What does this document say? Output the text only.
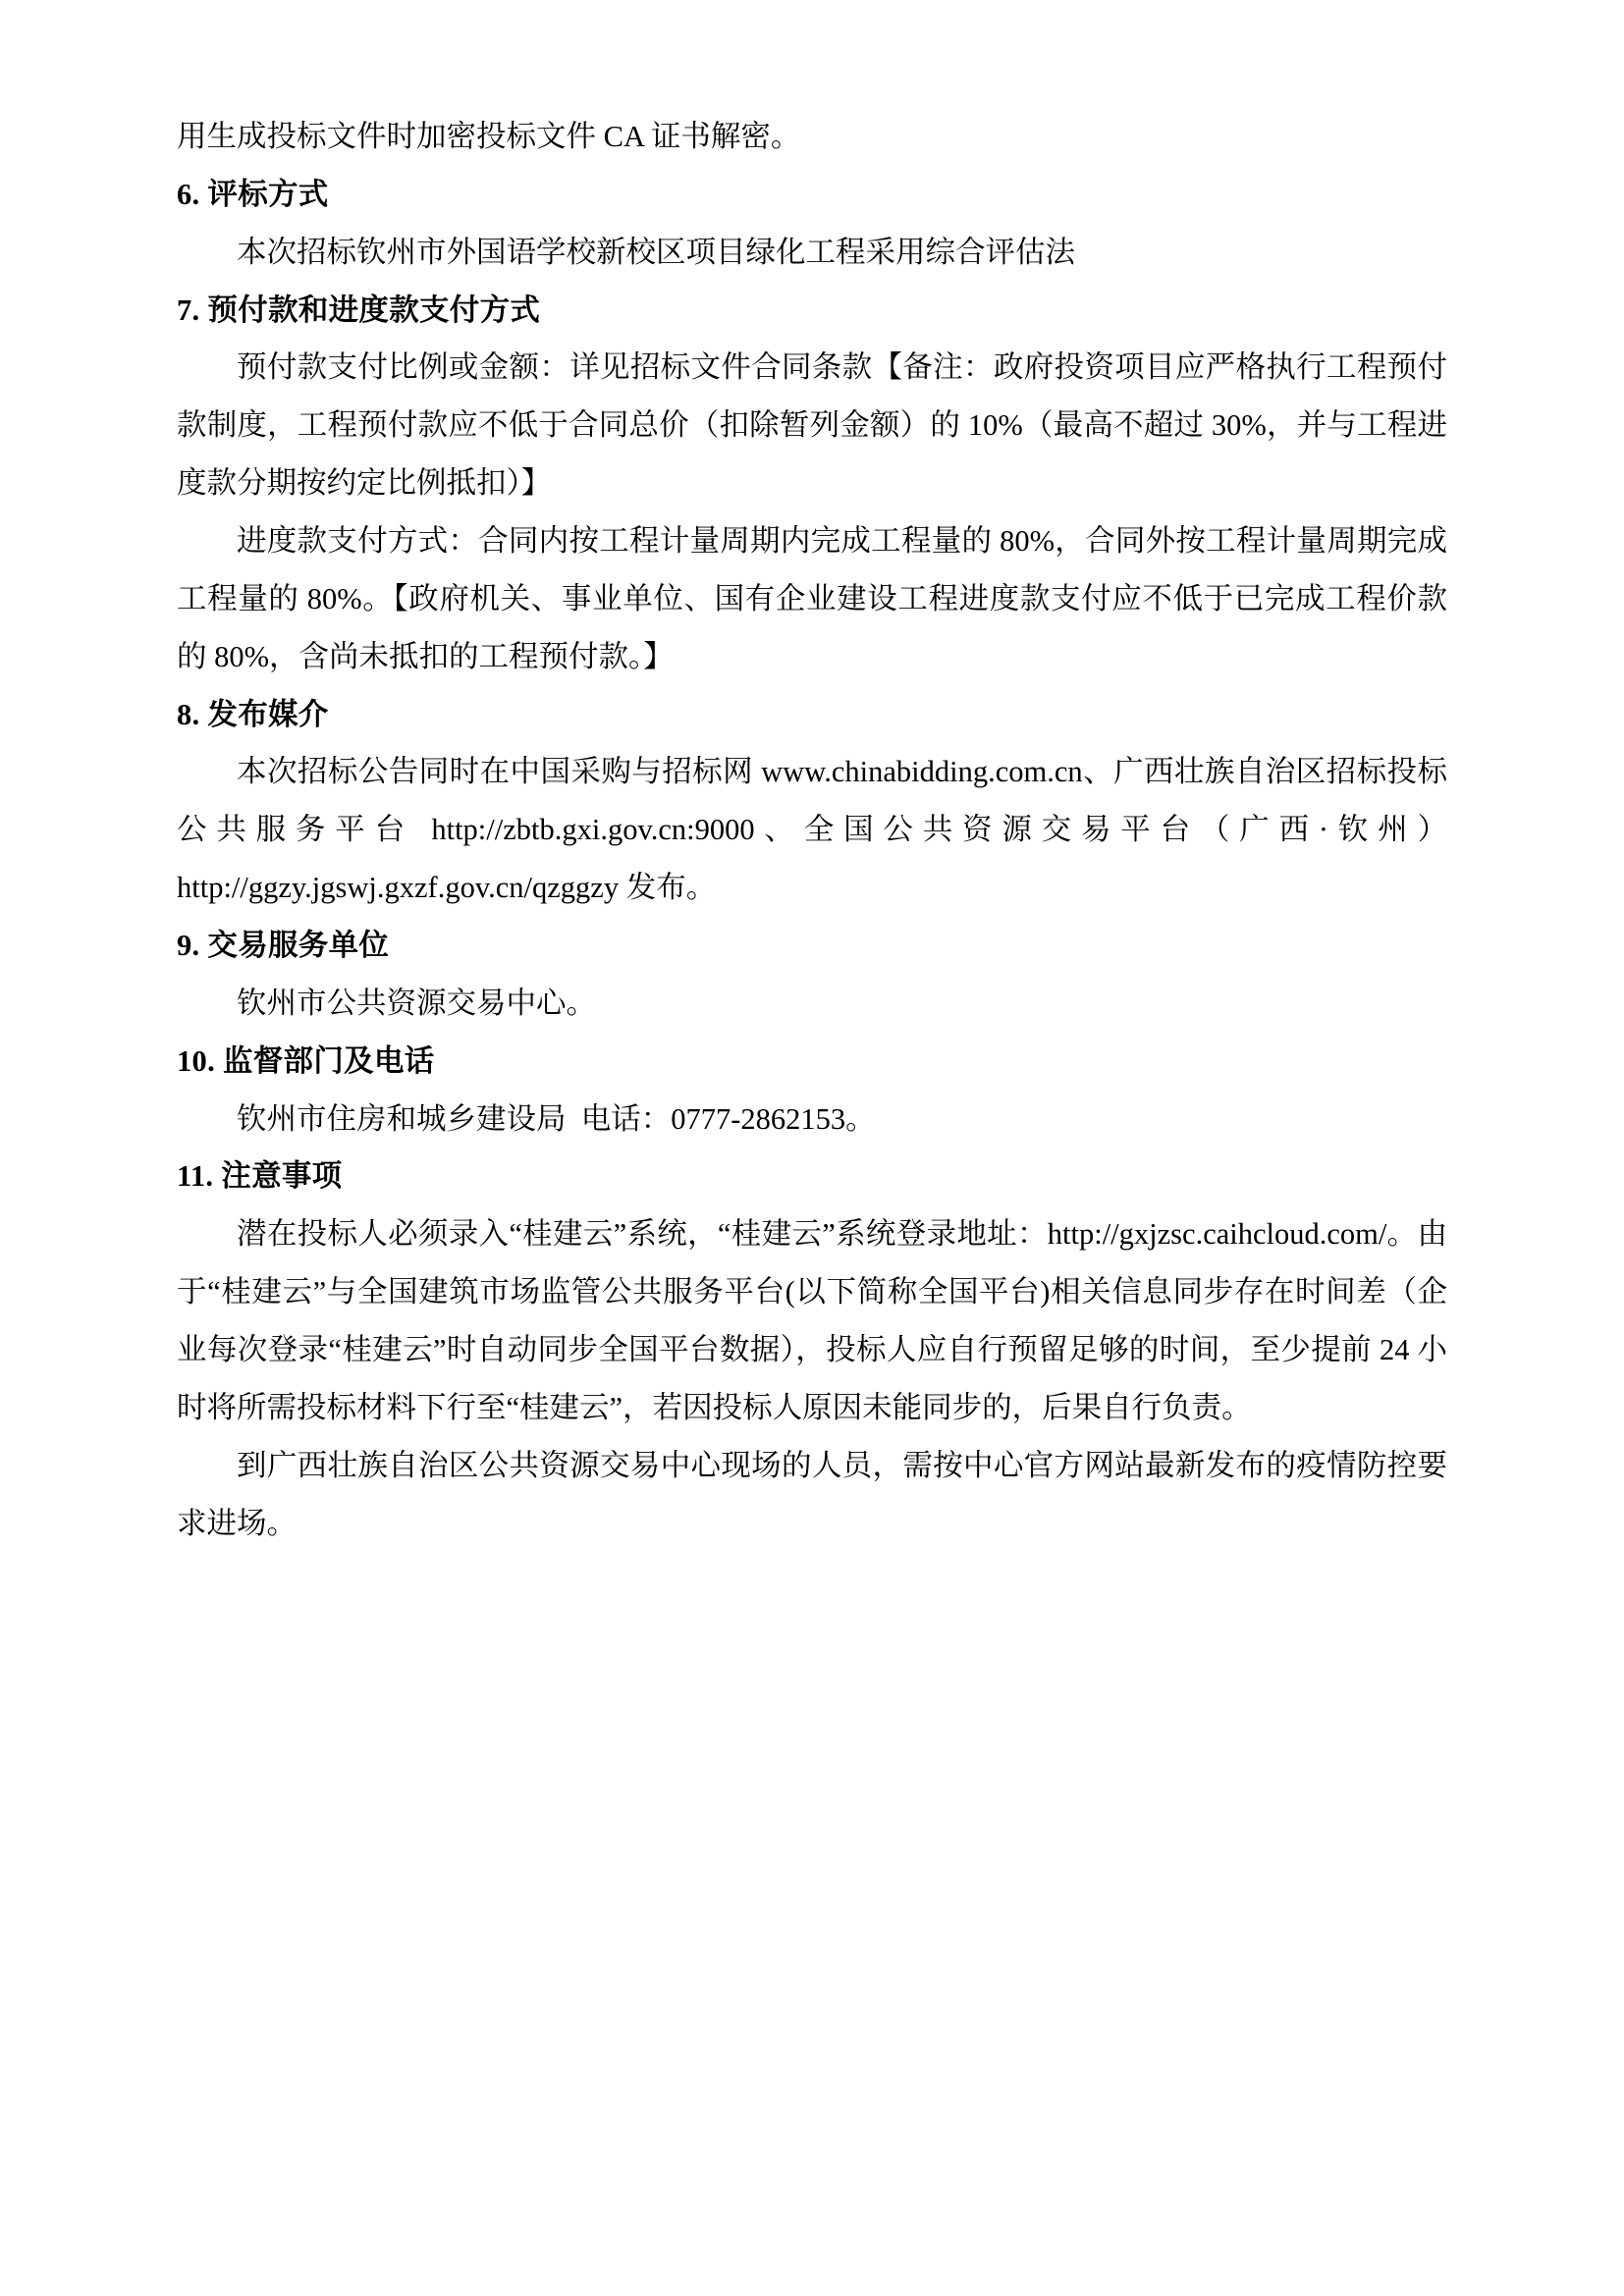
用生成投标文件时加密投标文件 CA 证书解密。

6. 评标方式

本次招标钦州市外国语学校新校区项目绿化工程采用综合评估法

7. 预付款和进度款支付方式

预付款支付比例或金额：详见招标文件合同条款【备注：政府投资项目应严格执行工程预付款制度，工程预付款应不低于合同总价（扣除暂列金额）的 10%（最高不超过 30%，并与工程进度款分期按约定比例抵扣）】

进度款支付方式：合同内按工程计量周期内完成工程量的 80%，合同外按工程计量周期完成工程量的 80%。【政府机关、事业单位、国有企业建设工程进度款支付应不低于已完成工程价款的 80%，含尚未抵扣的工程预付款。】

8. 发布媒介

本次招标公告同时在中国采购与招标网 www.chinabidding.com.cn、广西壮族自治区招标投标公共服务平台 http://zbtb.gxi.gov.cn:9000、全国公共资源交易平台（广西·钦州）http://ggzy.jgswj.gxzf.gov.cn/qzggzy 发布。

9. 交易服务单位

钦州市公共资源交易中心。

10. 监督部门及电话

钦州市住房和城乡建设局  电话：0777-2862153。

11. 注意事项

潜在投标人必须录入“桂建云”系统，“桂建云”系统登录地址：http://gxjzsc.caihcloud.com/。由于“桂建云”与全国建筑市场监管公共服务平台(以下简称全国平台)相关信息同步存在时间差（企业每次登录“桂建云”时自动同步全国平台数据），投标人应自行预留足够的时间，至少提前 24 小时将所需投标材料下行至“桂建云”，若因投标人原因未能同步的，后果自行负责。

到广西壮族自治区公共资源交易中心现场的人员，需按中心官方网站最新发布的疫情防控要求进场。
